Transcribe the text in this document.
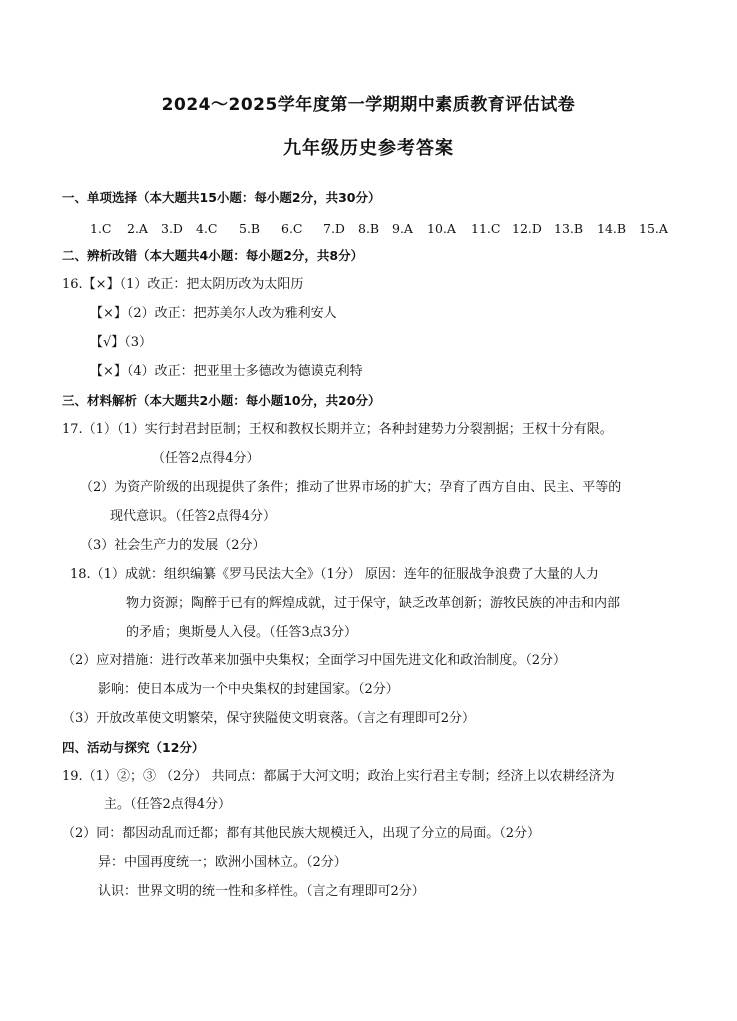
2024～2025学年度第一学期期中素质教育评估试卷
九年级历史参考答案
一、单项选择（本大题共15小题：每小题2分，共30分）
1.C 2.A 3.D 4.C 5.B 6.C 7.D 8.B 9.A 10.A 11.C 12.D 13.B 14.B 15.A
二、辨析改错（本大题共4小题：每小题2分，共8分）
16.【×】（1）改正：把太阴历改为太阳历
【×】（2）改正：把苏美尔人改为雅利安人
【√】（3）
【×】（4）改正：把亚里士多德改为德谟克利特
三、材料解析（本大题共2小题：每小题10分，共20分）
17.（1）（1）实行封君封臣制；王权和教权长期并立；各种封建势力分裂割据；王权十分有限。
（任答2点得4分）
（2）为资产阶级的出现提供了条件；推动了世界市场的扩大；孕育了西方自由、民主、平等的
现代意识。（任答2点得4分）
（3）社会生产力的发展（2分）
18.（1）成就：组织编纂《罗马民法大全》（1分） 原因：连年的征服战争浪费了大量的人力
物力资源；陶醉于已有的辉煌成就，过于保守，缺乏改革创新；游牧民族的冲击和内部
的矛盾；奥斯曼人入侵。（任答3点3分）
（2）应对措施：进行改革来加强中央集权；全面学习中国先进文化和政治制度。（2分）
影响：使日本成为一个中央集权的封建国家。（2分）
（3）开放改革使文明繁荣，保守狭隘使文明衰落。（言之有理即可2分）
四、活动与探究（12分）
19.（1）②；③ （2分） 共同点：都属于大河文明；政治上实行君主专制；经济上以农耕经济为
主。（任答2点得4分）
（2）同：都因动乱而迁都；都有其他民族大规模迁入，出现了分立的局面。（2分）
异：中国再度统一；欧洲小国林立。（2分）
认识：世界文明的统一性和多样性。（言之有理即可2分）
